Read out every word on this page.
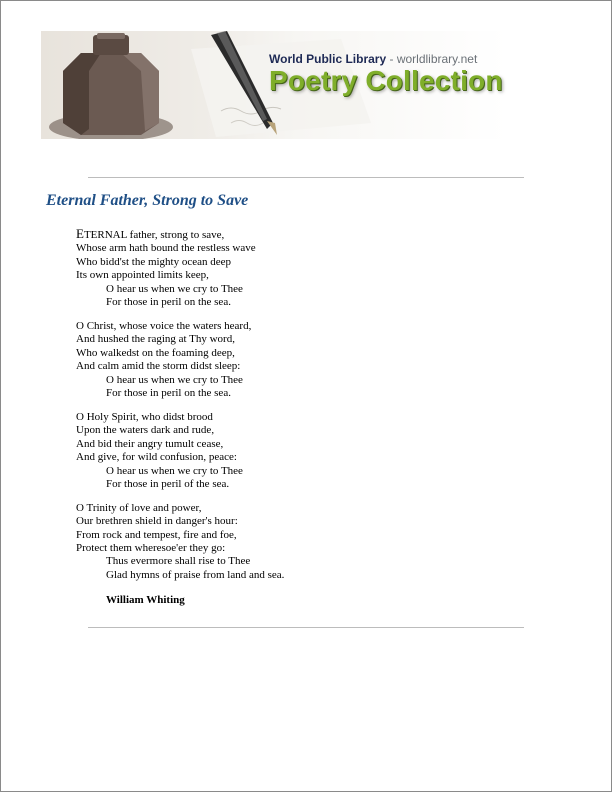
World Public Library - worldlibrary.net
Poetry Collection
Eternal Father, Strong to Save
ETERNAL father, strong to save,
Whose arm hath bound the restless wave
Who bidd'st the mighty ocean deep
Its own appointed limits keep,
O hear us when we cry to Thee
For those in peril on the sea.
O Christ, whose voice the waters heard,
And hushed the raging at Thy word,
Who walkedst on the foaming deep,
And calm amid the storm didst sleep:
O hear us when we cry to Thee
For those in peril on the sea.
O Holy Spirit, who didst brood
Upon the waters dark and rude,
And bid their angry tumult cease,
And give, for wild confusion, peace:
O hear us when we cry to Thee
For those in peril of the sea.
O Trinity of love and power,
Our brethren shield in danger's hour:
From rock and tempest, fire and foe,
Protect them wheresoe'er they go:
Thus evermore shall rise to Thee
Glad hymns of praise from land and sea.
William Whiting
